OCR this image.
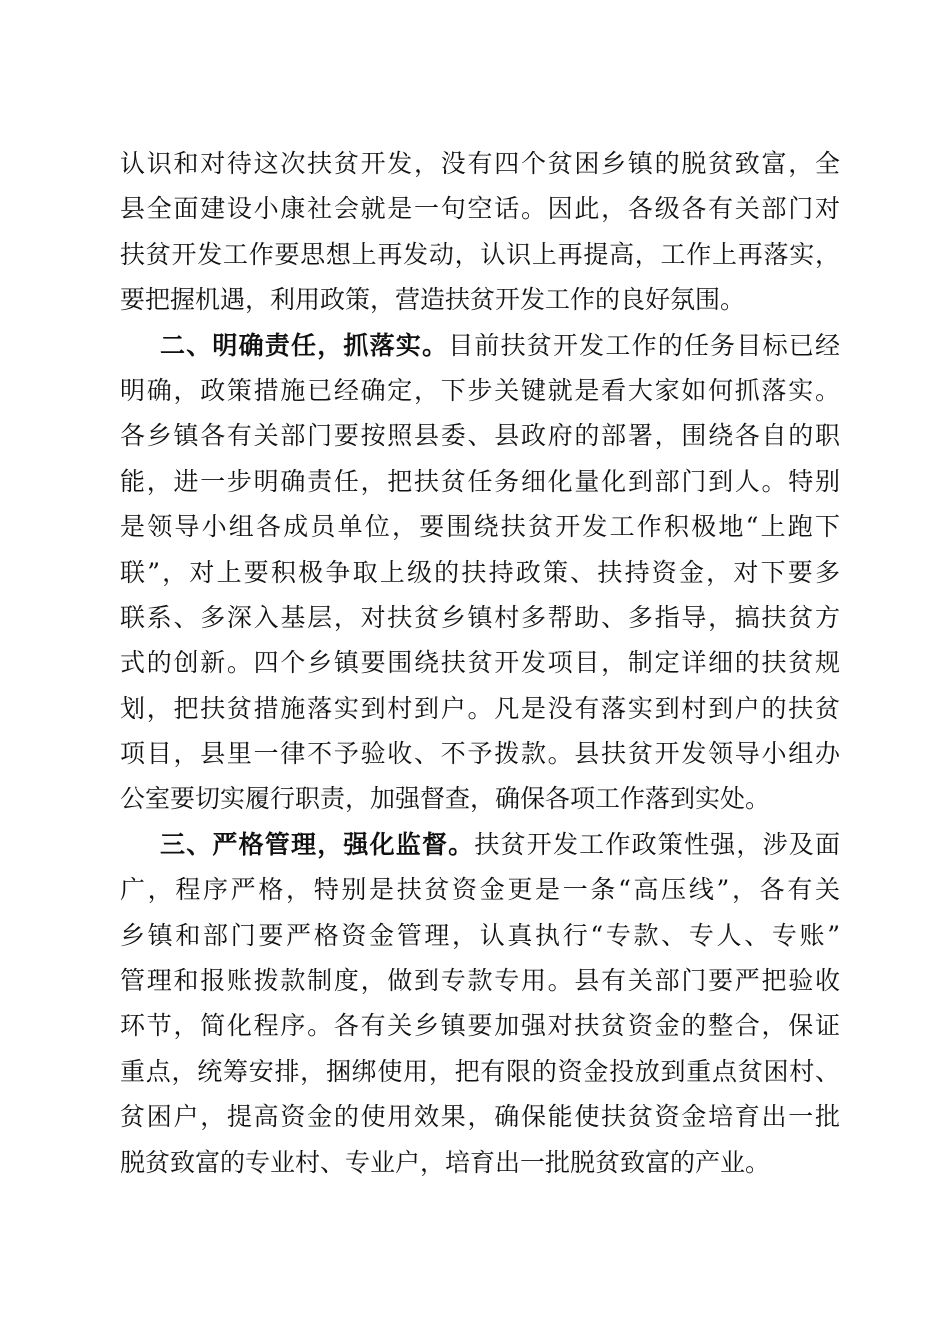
认识和对待这次扶贫开发，没有四个贫困乡镇的脱贫致富，全
县全面建设小康社会就是一句空话。因此，各级各有关部门对
扶贫开发工作要思想上再发动，认识上再提高，工作上再落实，
要把握机遇，利用政策，营造扶贫开发工作的良好氛围。
二、明确责任，抓落实。目前扶贫开发工作的任务目标已经
明确，政策措施已经确定，下步关键就是看大家如何抓落实。
各乡镇各有关部门要按照县委、县政府的部署，围绕各自的职
能，进一步明确责任，把扶贫任务细化量化到部门到人。特别
是领导小组各成员单位，要围绕扶贫开发工作积极地“上跑下
联”，对上要积极争取上级的扶持政策、扶持资金，对下要多
联系、多深入基层，对扶贫乡镇村多帮助、多指导，搞扶贫方
式的创新。四个乡镇要围绕扶贫开发项目，制定详细的扶贫规
划，把扶贫措施落实到村到户。凡是没有落实到村到户的扶贫
项目，县里一律不予验收、不予拨款。县扶贫开发领导小组办
公室要切实履行职责，加强督查，确保各项工作落到实处。
三、严格管理，强化监督。扶贫开发工作政策性强，涉及面
广，程序严格，特别是扶贫资金更是一条“高压线”，各有关
乡镇和部门要严格资金管理，认真执行“专款、专人、专账”
管理和报账拨款制度，做到专款专用。县有关部门要严把验收
环节，简化程序。各有关乡镇要加强对扶贫资金的整合，保证
重点，统筹安排，捆绑使用，把有限的资金投放到重点贫困村、
贫困户，提高资金的使用效果，确保能使扶贫资金培育出一批
脱贫致富的专业村、专业户，培育出一批脱贫致富的产业。
